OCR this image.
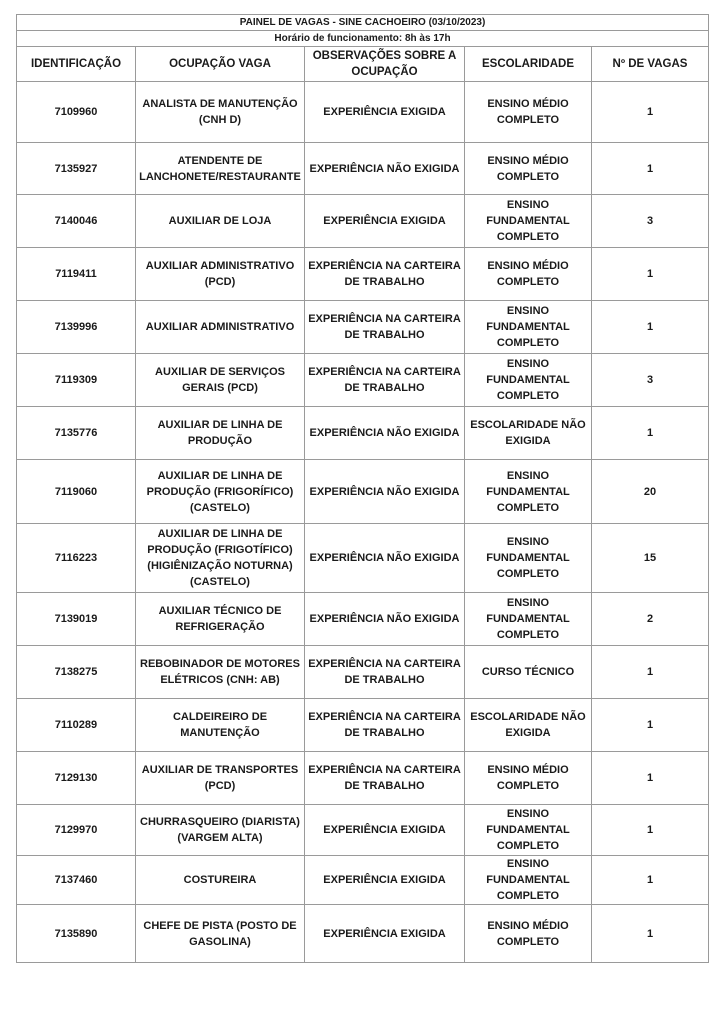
PAINEL DE VAGAS - SINE CACHOEIRO (03/10/2023)				
Horário de funcionamento: 8h às 17h				

IDENTIFICAÇÃO	OCUPAÇÃO VAGA	OBSERVAÇÕES SOBRE A
OCUPAÇÃO	ESCOLARIDADE	Nº DE VAGAS

7109960	ANALISTA DE MANUTENÇÃO
(CNH D)	EXPERIÊNCIA EXIGIDA	ENSINO MÉDIO
COMPLETO	1

7135927	ATENDENTE DE
LANCHONETE/RESTAURANTE	EXPERIÊNCIA NÃO EXIGIDA	ENSINO MÉDIO
COMPLETO	1

7140046	AUXILIAR DE LOJA	EXPERIÊNCIA EXIGIDA	ENSINO
FUNDAMENTAL
COMPLETO	3

7119411	AUXILIAR ADMINISTRATIVO
(PCD)	EXPERIÊNCIA NA CARTEIRA
DE TRABALHO	ENSINO MÉDIO
COMPLETO	1

7139996	AUXILIAR ADMINISTRATIVO	EXPERIÊNCIA NA CARTEIRA
DE TRABALHO	ENSINO
FUNDAMENTAL
COMPLETO	1

7119309	AUXILIAR DE SERVIÇOS
GERAIS (PCD)	EXPERIÊNCIA NA CARTEIRA
DE TRABALHO	ENSINO
FUNDAMENTAL
COMPLETO	3

7135776	AUXILIAR DE LINHA DE
PRODUÇÃO	EXPERIÊNCIA NÃO EXIGIDA	ESCOLARIDADE NÃO
EXIGIDA	1

7119060	AUXILIAR DE LINHA DE
PRODUÇÃO (FRIGORÍFICO)
(CASTELO)	EXPERIÊNCIA NÃO EXIGIDA	ENSINO
FUNDAMENTAL
COMPLETO	20

7116223	AUXILIAR DE LINHA DE
PRODUÇÃO (FRIGOTÍFICO)
(HIGIÊNIZAÇÃO NOTURNA)
(CASTELO)	EXPERIÊNCIA NÃO EXIGIDA	ENSINO
FUNDAMENTAL
COMPLETO	15

7139019	AUXILIAR TÉCNICO DE
REFRIGERAÇÃO	EXPERIÊNCIA NÃO EXIGIDA	ENSINO
FUNDAMENTAL
COMPLETO	2

7138275	REBOBINADOR DE MOTORES
ELÉTRICOS (CNH: AB)	EXPERIÊNCIA NA CARTEIRA
DE TRABALHO	CURSO TÉCNICO	1

7110289	CALDEIREIRO DE
MANUTENÇÃO	EXPERIÊNCIA NA CARTEIRA
DE TRABALHO	ESCOLARIDADE NÃO
EXIGIDA	1

7129130	AUXILIAR DE TRANSPORTES
(PCD)	EXPERIÊNCIA NA CARTEIRA
DE TRABALHO	ENSINO MÉDIO
COMPLETO	1

7129970	CHURRASQUEIRO (DIARISTA)
(VARGEM ALTA)	EXPERIÊNCIA EXIGIDA	ENSINO
FUNDAMENTAL
COMPLETO	1

7137460	COSTUREIRA	EXPERIÊNCIA EXIGIDA	ENSINO
FUNDAMENTAL
COMPLETO	1

7135890	CHEFE DE PISTA (POSTO DE
GASOLINA)	EXPERIÊNCIA EXIGIDA	ENSINO MÉDIO
COMPLETO	1
